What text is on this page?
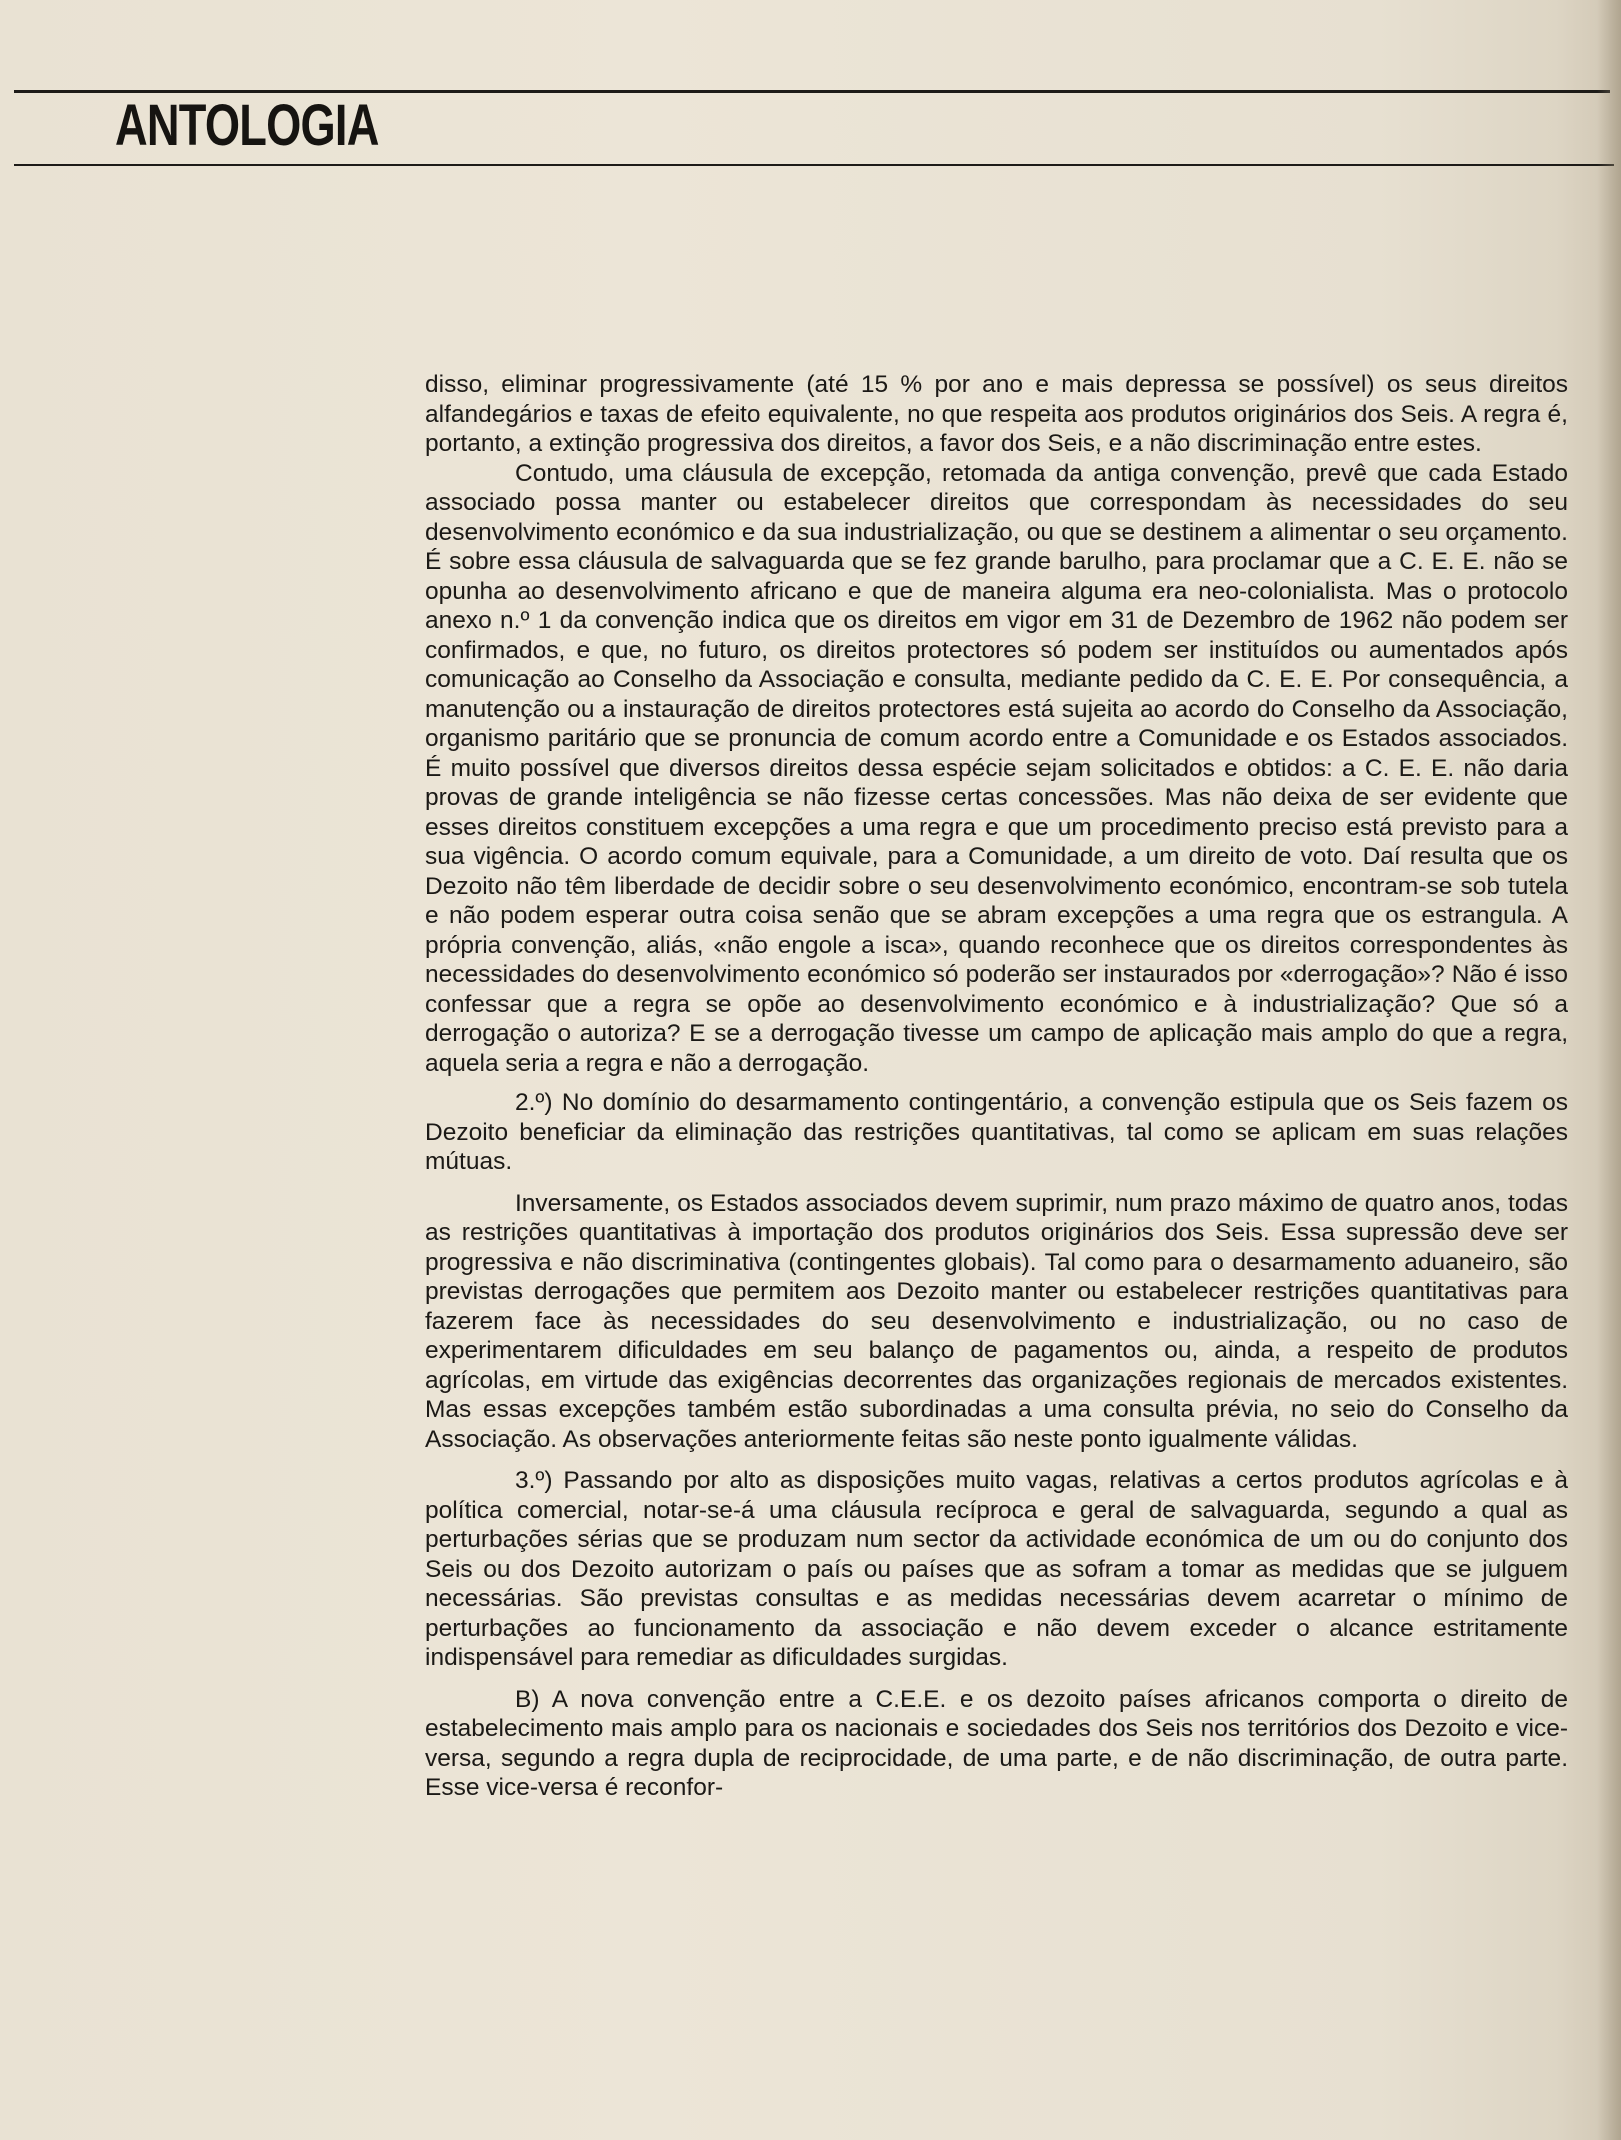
ANTOLOGIA

disso, eliminar progressivamente (até 15 % por ano e mais depressa se possível) os seus direitos alfandegários e taxas de efeito equivalente, no que respeita aos produtos originários dos Seis. A regra é, portanto, a extinção progressiva dos direitos, a favor dos Seis, e a não discriminação entre estes.

Contudo, uma cláusula de excepção, retomada da antiga convenção, prevê que cada Estado associado possa manter ou estabelecer direitos que correspondam às necessidades do seu desenvolvimento económico e da sua industrialização, ou que se destinem a alimentar o seu orçamento. É sobre essa cláusula de salvaguarda que se fez grande barulho, para proclamar que a C. E. E. não se opunha ao desenvolvimento africano e que de maneira alguma era neo-colonialista. Mas o protocolo anexo n.º 1 da convenção indica que os direitos em vigor em 31 de Dezembro de 1962 não podem ser confirmados, e que, no futuro, os direitos protectores só podem ser instituídos ou aumentados após comunicação ao Conselho da Associação e consulta, mediante pedido da C. E. E. Por consequência, a manutenção ou a instauração de direitos protectores está sujeita ao acordo do Conselho da Associação, organismo paritário que se pronuncia de comum acordo entre a Comunidade e os Estados associados. É muito possível que diversos direitos dessa espécie sejam solicitados e obtidos: a C. E. E. não daria provas de grande inteligência se não fizesse certas concessões. Mas não deixa de ser evidente que esses direitos constituem excepções a uma regra e que um procedimento preciso está previsto para a sua vigência. O acordo comum equivale, para a Comunidade, a um direito de voto. Daí resulta que os Dezoito não têm liberdade de decidir sobre o seu desenvolvimento económico, encontram-se sob tutela e não podem esperar outra coisa senão que se abram excepções a uma regra que os estrangula. A própria convenção, aliás, «não engole a isca», quando reconhece que os direitos correspondentes às necessidades do desenvolvimento económico só poderão ser instaurados por «derrogação»? Não é isso confessar que a regra se opõe ao desenvolvimento económico e à industrialização? Que só a derrogação o autoriza? E se a derrogação tivesse um campo de aplicação mais amplo do que a regra, aquela seria a regra e não a derrogação.

2.º) No domínio do desarmamento contingentário, a convenção estipula que os Seis fazem os Dezoito beneficiar da eliminação das restrições quantitativas, tal como se aplicam em suas relações mútuas.

Inversamente, os Estados associados devem suprimir, num prazo máximo de quatro anos, todas as restrições quantitativas à importação dos produtos originários dos Seis. Essa supressão deve ser progressiva e não discriminativa (contingentes globais). Tal como para o desarmamento aduaneiro, são previstas derrogações que permitem aos Dezoito manter ou estabelecer restrições quantitativas para fazerem face às necessidades do seu desenvolvimento e industrialização, ou no caso de experimentarem dificuldades em seu balanço de pagamentos ou, ainda, a respeito de produtos agrícolas, em virtude das exigências decorrentes das organizações regionais de mercados existentes. Mas essas excepções também estão subordinadas a uma consulta prévia, no seio do Conselho da Associação. As observações anteriormente feitas são neste ponto igualmente válidas.

3.º) Passando por alto as disposições muito vagas, relativas a certos produtos agrícolas e à política comercial, notar-se-á uma cláusula recíproca e geral de salvaguarda, segundo a qual as perturbações sérias que se produzam num sector da actividade económica de um ou do conjunto dos Seis ou dos Dezoito autorizam o país ou países que as sofram a tomar as medidas que se julguem necessárias. São previstas consultas e as medidas necessárias devem acarretar o mínimo de perturbações ao funcionamento da associação e não devem exceder o alcance estritamente indispensável para remediar as dificuldades surgidas.

B) A nova convenção entre a C.E.E. e os dezoito países africanos comporta o direito de estabelecimento mais amplo para os nacionais e sociedades dos Seis nos territórios dos Dezoito e vice-versa, segundo a regra dupla de reciprocidade, de uma parte, e de não discriminação, de outra parte. Esse vice-versa é reconfor-
